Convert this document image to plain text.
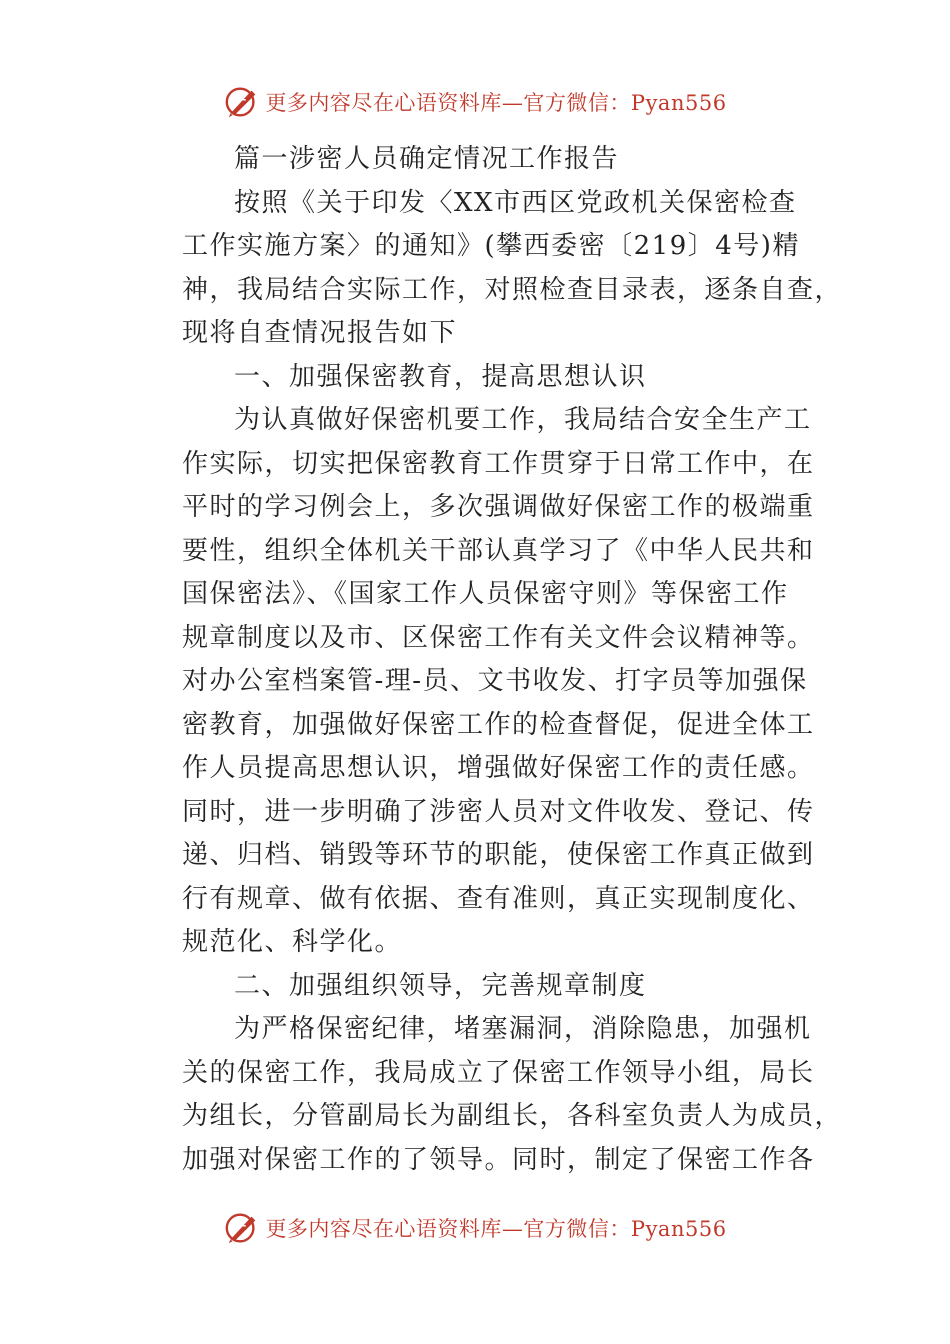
更多内容尽在心语资料库—官方微信：Pyan556
篇一涉密人员确定情况工作报告
按照《关于印发〈XX市西区党政机关保密检查
工作实施方案〉的通知》(攀西委密〔219〕4号)精
神，我局结合实际工作，对照检查目录表，逐条自查，
现将自查情况报告如下
一、加强保密教育，提高思想认识
为认真做好保密机要工作，我局结合安全生产工
作实际，切实把保密教育工作贯穿于日常工作中，在
平时的学习例会上，多次强调做好保密工作的极端重
要性，组织全体机关干部认真学习了《中华人民共和
国保密法》、《国家工作人员保密守则》等保密工作
规章制度以及市、区保密工作有关文件会议精神等。
对办公室档案管-理-员、文书收发、打字员等加强保
密教育，加强做好保密工作的检查督促，促进全体工
作人员提高思想认识，增强做好保密工作的责任感。
同时，进一步明确了涉密人员对文件收发、登记、传
递、归档、销毁等环节的职能，使保密工作真正做到
行有规章、做有依据、查有准则，真正实现制度化、
规范化、科学化。
二、加强组织领导，完善规章制度
为严格保密纪律，堵塞漏洞，消除隐患，加强机
关的保密工作，我局成立了保密工作领导小组，局长
为组长，分管副局长为副组长，各科室负责人为成员，
加强对保密工作的了领导。同时，制定了保密工作各
更多内容尽在心语资料库—官方微信：Pyan556
